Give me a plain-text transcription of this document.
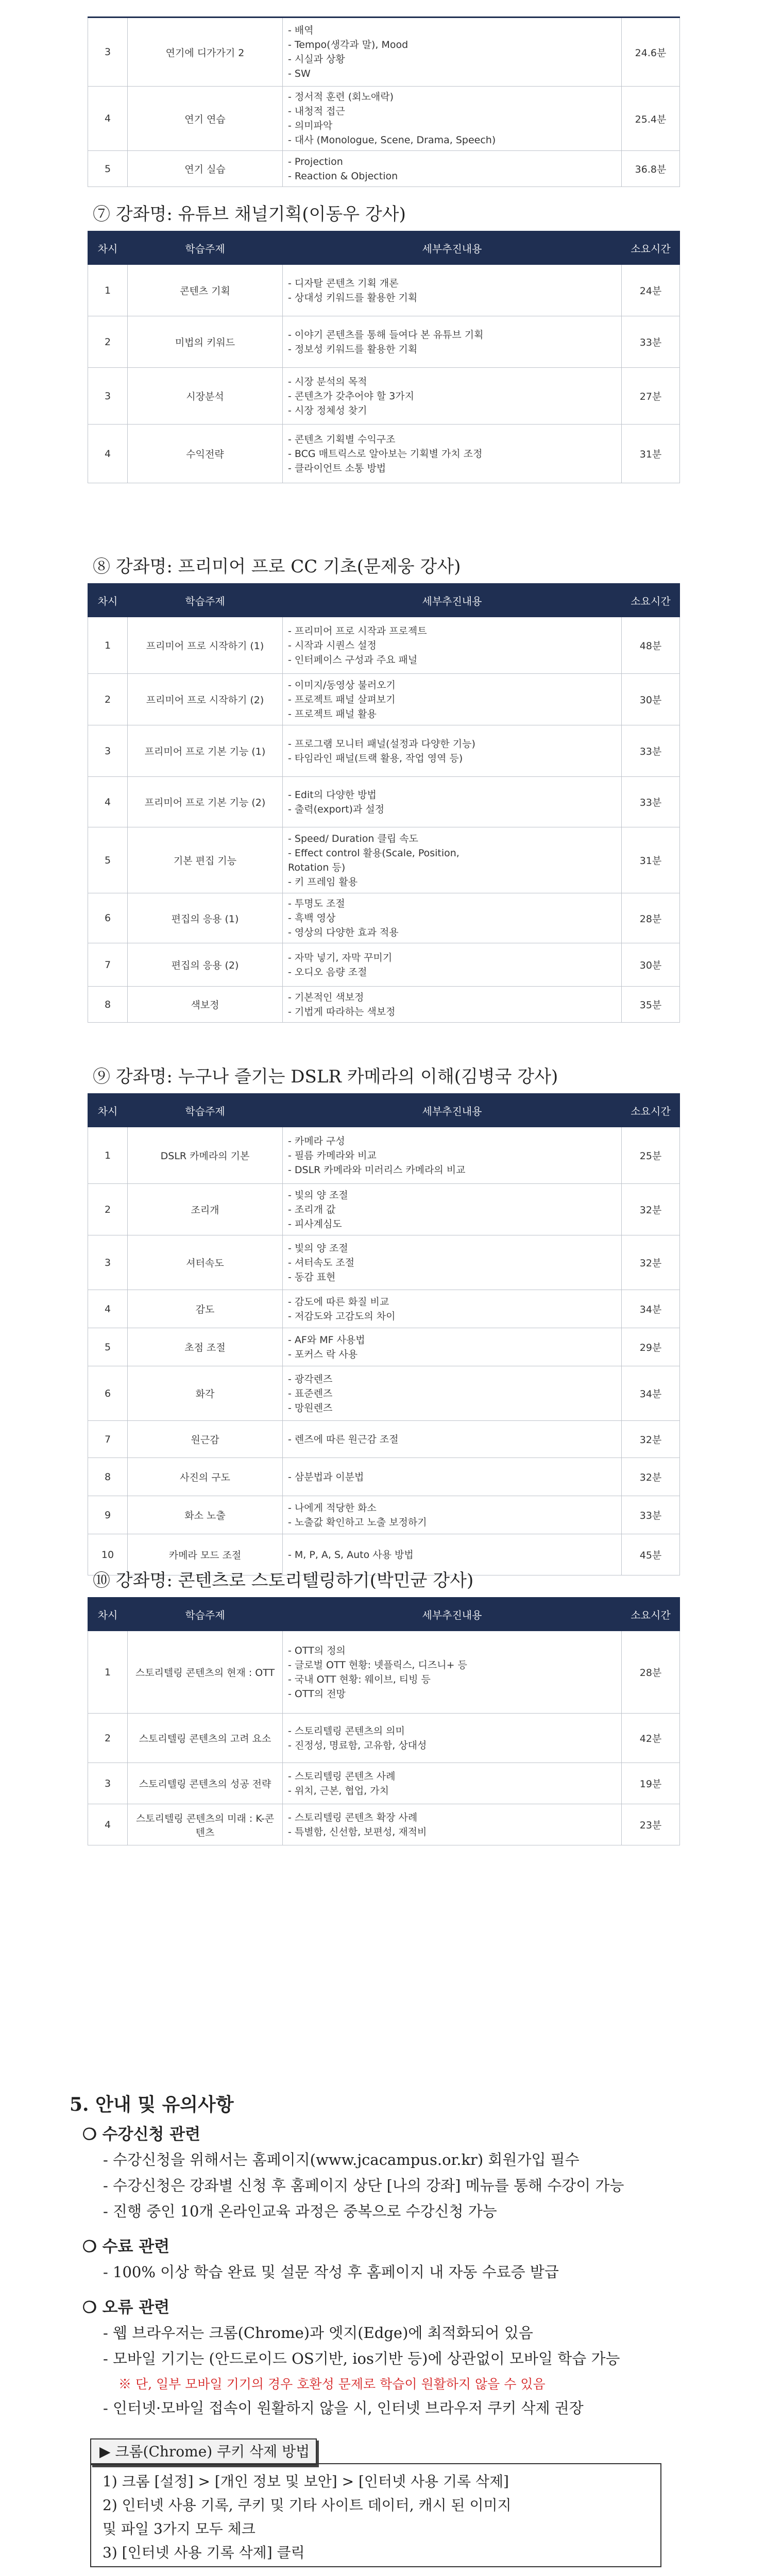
3	연기에 디가가기 2	- 배역
- Tempo(생각과 말), Mood
- 시실과 상황
- SW	24.6분
4	연기 연습	- 정서적 훈련 (회노애락)
- 내청적 접근
- 의미파악
- 대사 (Monologue, Scene, Drama, Speech)	25.4분
5	연기 실습	- Projection
- Reaction & Objection	36.8분
⑦ 강좌명: 유튜브 채널기획(이동우 강사)
차시	학습주제	세부추진내용	소요시간
1	콘텐츠 기획	- 디자탈 콘텐츠 기획 개론
- 상대성 키워드를 활용한 기획	24분
2	미법의 키워드	- 이야기 콘텐츠를 통해 들여다 본 유튜브 기획
- 정보성 키워드를 활용한 기획	33분
3	시장분석	- 시장 분석의 목적
- 콘텐츠가 갖추어야 할 3가지
- 시장 정체성 찾기	27분
4	수익전략	- 콘텐츠 기획별 수익구조
- BCG 매트릭스로 알아보는 기획별 가치 조정
- 클라이언트 소통 방법	31분
⑧ 강좌명: 프리미어 프로 CC 기초(문제웅 강사)
차시	학습주제	세부추진내용	소요시간
1	프리미어 프로 시작하기 (1)	- 프리미어 프로 시작과 프로젝트
- 시작과 시퀀스 설정
- 인터페이스 구성과 주요 패널	48분
2	프리미어 프로 시작하기 (2)	- 이미지/동영상 불러오기
- 프로젝트 패널 살펴보기
- 프로젝트 패널 활용	30분
3	프리미어 프로 기본 기능 (1)	- 프로그램 모니터 패널(설정과 다양한 기능)
- 타임라인 패널(트랙 활용, 작업 영역 등)	33분
4	프리미어 프로 기본 기능 (2)	- Edit의 다양한 방법
- 출력(export)과 설정	33분
5	기본 편집 기능	- Speed/ Duration 클립 속도
- Effect control 활용(Scale, Position,
Rotation 등)
- 키 프레임 활용	31분
6	편집의 응용 (1)	- 투명도 조절
- 흑백 영상
- 영상의 다양한 효과 적용	28분
7	편집의 응용 (2)	- 자막 넣기, 자막 꾸미기
- 오디오 음량 조절	30분
8	색보정	- 기본적인 색보정
- 기법게 따라하는 색보정	35분
⑨ 강좌명: 누구나 즐기는 DSLR 카메라의 이해(김병국 강사)
차시	학습주제	세부추진내용	소요시간
1	DSLR 카메라의 기본	- 카메라 구성
- 필름 카메라와 비교
- DSLR 카메라와 미러리스 카메라의 비교	25분
2	조리개	- 빛의 양 조절
- 조리개 값
- 피사계심도	32분
3	셔터속도	- 빛의 양 조절
- 셔터속도 조절
- 동감 표현	32분
4	감도	- 감도에 따른 화질 비교
- 저감도와 고감도의 차이	34분
5	초점 조절	- AF와 MF 사용법
- 포커스 락 사용	29분
6	화각	- 광각렌즈
- 표준렌즈
- 망원렌즈	34분
7	원근감	- 렌즈에 따른 원근감 조절	32분
8	사진의 구도	- 삼분법과 이분법	32분
9	화소 노출	- 나에게 적당한 화소
- 노출값 확인하고 노출 보정하기	33분
10	카메라 모드 조절	- M, P, A, S, Auto 사용 방법	45분
⑩ 강좌명: 콘텐츠로 스토리텔링하기(박민균 강사)
차시	학습주제	세부추진내용	소요시간
1	스토리텔링 콘텐츠의 현재 : OTT	- OTT의 정의
- 글로벌 OTT 현황: 넷플릭스, 디즈니+ 등
- 국내 OTT 현황: 웨이브, 티빙 등
- OTT의 전망	28분
2	스토리텔링 콘텐츠의 고려 요소	- 스토리텔링 콘텐츠의 의미
- 진정성, 명료함, 고유함, 상대성	42분
3	스토리텔링 콘텐츠의 성공 전략	- 스토리텔링 콘텐츠 사례
- 위치, 근본, 협업, 가치	19분
4	스토리텔링 콘텐츠의 미래 : K-콘텐츠	- 스토리텔링 콘텐츠 확장 사례
- 특별함, 신선함, 보편성, 재적비	23분
5. 안내 및 유의사항
❍ 수강신청 관련
- 수강신청을 위해서는 홈페이지(www.jcacampus.or.kr) 회원가입 필수
- 수강신청은 강좌별 신청 후 홈페이지 상단 [나의 강좌] 메뉴를 통해 수강이 가능
- 진행 중인 10개 온라인교육 과정은 중복으로 수강신청 가능
❍ 수료 관련
- 100% 이상 학습 완료 및 설문 작성 후 홈페이지 내 자동 수료증 발급
❍ 오류 관련
- 웹 브라우저는 크롬(Chrome)과 엣지(Edge)에 최적화되어 있음
- 모바일 기기는 (안드로이드 OS기반, ios기반 등)에 상관없이 모바일 학습 가능
※ 단, 일부 모바일 기기의 경우 호환성 문제로 학습이 원활하지 않을 수 있음
- 인터넷·모바일 접속이 원활하지 않을 시, 인터넷 브라우저 쿠키 삭제 권장
▶ 크롬(Chrome) 쿠키 삭제 방법
1) 크롬 [설정] > [개인 정보 및 보안] > [인터넷 사용 기록 삭제]
2) 인터넷 사용 기록, 쿠키 및 기타 사이트 데이터, 캐시 된 이미지
및 파일 3가지 모두 체크
3) [인터넷 사용 기록 삭제] 클릭
